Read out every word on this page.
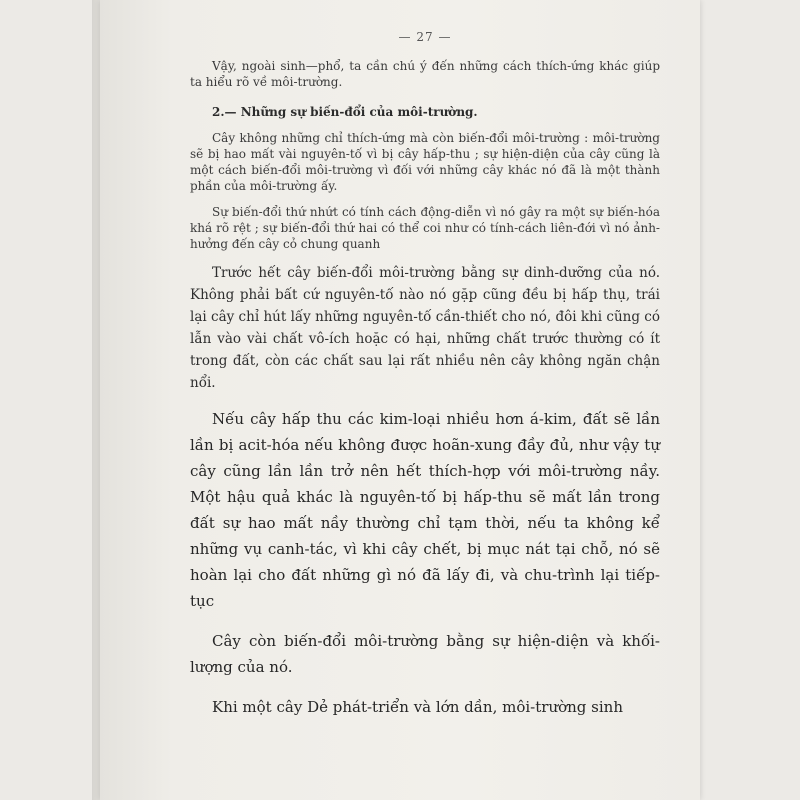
— 27 —

Vậy, ngoài sinh—phổ, ta cần chú ý đến những cách thích-ứng khác giúp ta hiểu rõ về môi-trường.

2.— Những sự biến-đổi của môi-trường.

Cây không những chỉ thích-ứng mà còn biến-đổi môi-trường : môi-trường sẽ bị hao mất vài nguyên-tố vì bị cây hấp-thu ; sự hiện-diện của cây cũng là một cách biến-đổi môi-trường vì đối với những cây khác nó đã là một thành phần của môi-trường ấy.

Sự biến-đổi thứ nhứt có tính cách động-diễn vì nó gây ra một sự biến-hóa khá rõ rệt ; sự biến-đổi thứ hai có thể coi như có tính-cách liên-đới vì nó ảnh-hưởng đến cây cỏ chung quanh

Trước hết cây biến-đổi môi-trường bằng sự dinh-dưỡng của nó. Không phải bất cứ nguyên-tố nào nó gặp cũng đều bị hấp thụ, trái lại cây chỉ hút lấy những nguyên-tố cần-thiết cho nó, đôi khi cũng có lẫn vào vài chất vô-ích hoặc có hại, những chất trước thường có ít trong đất, còn các chất sau lại rất nhiều nên cây không ngăn chận nổi.

Nếu cây hấp thu các kim-loại nhiều hơn á-kim, đất sẽ lần lần bị acit-hóa nếu không được hoãn-xung đầy đủ, như vậy tự cây cũng lần lần trở nên hết thích-hợp với môi-trường nầy. Một hậu quả khác là nguyên-tố bị hấp-thu sẽ mất lần trong đất sự hao mất nầy thường chỉ tạm thời, nếu ta không kể những vụ canh-tác, vì khi cây chết, bị mục nát tại chỗ, nó sẽ hoàn lại cho đất những gì nó đã lấy đi, và chu-trình lại tiếp-tục

Cây còn biến-đổi môi-trường bằng sự hiện-diện và khối-lượng của nó.

Khi một cây Dẻ phát-triển và lớn dần, môi-trường sinh
